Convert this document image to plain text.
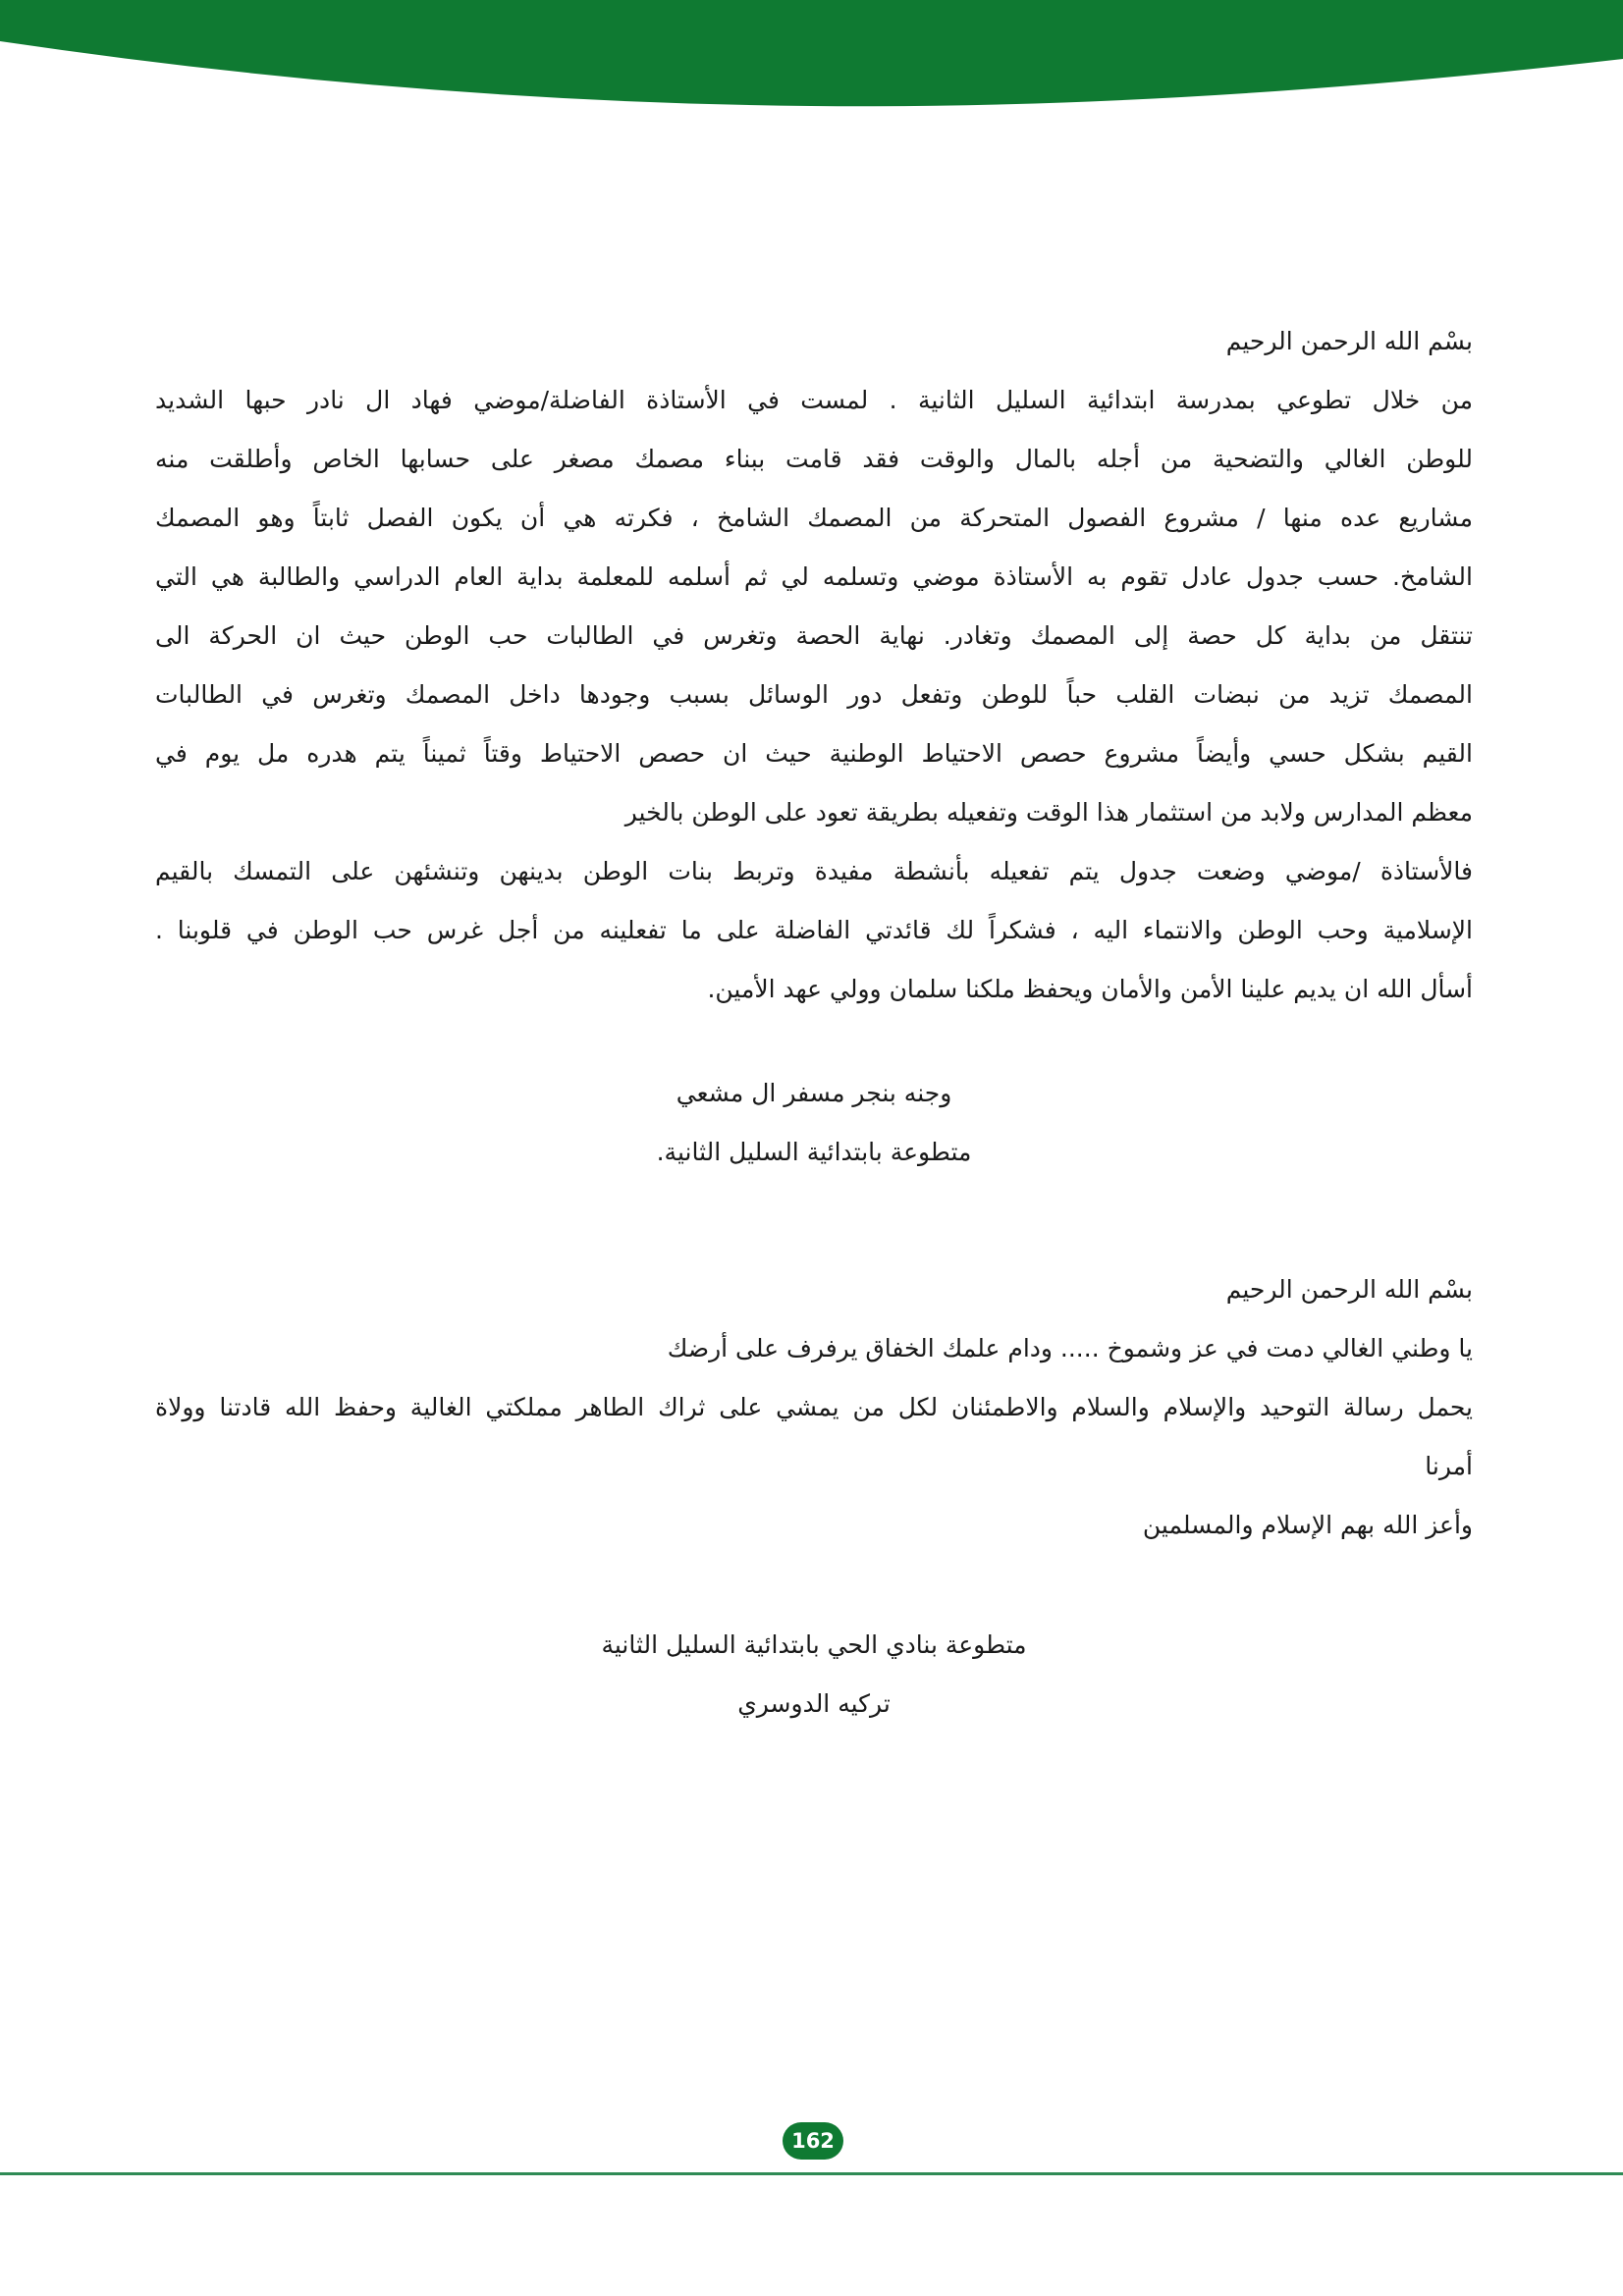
بسْم الله الرحمن الرحيم
من خلال تطوعي بمدرسة ابتدائية السليل الثانية . لمست في الأستاذة الفاضلة/موضي فهاد ال نادر حبها الشديد
للوطن الغالي والتضحية من أجله بالمال والوقت فقد قامت ببناء مصمك مصغر على حسابها الخاص وأطلقت منه
مشاريع عده منها / مشروع الفصول المتحركة من المصمك الشامخ ، فكرته هي أن يكون الفصل ثابتاً وهو المصمك
الشامخ. حسب جدول عادل تقوم به الأستاذة موضي وتسلمه لي ثم أسلمه للمعلمة بداية العام الدراسي والطالبة هي التي
تنتقل من بداية كل حصة إلى المصمك وتغادر. نهاية الحصة وتغرس في الطالبات حب الوطن حيث ان الحركة الى
المصمك تزيد من نبضات القلب حباً للوطن وتفعل دور الوسائل بسبب وجودها داخل المصمك وتغرس في الطالبات
القيم بشكل حسي وأيضاً مشروع حصص الاحتياط الوطنية حيث ان حصص الاحتياط وقتاً ثميناً يتم هدره مل يوم في
معظم المدارس ولابد من استثمار هذا الوقت وتفعيله بطريقة تعود على الوطن بالخير
فالأستاذة /موضي وضعت جدول يتم تفعيله بأنشطة مفيدة وتربط بنات الوطن بدينهن وتنشئهن على التمسك بالقيم
الإسلامية وحب الوطن والانتماء اليه ، فشكراً لك قائدتي الفاضلة على ما تفعلينه من أجل غرس حب الوطن في قلوبنا .
أسأل الله ان يديم علينا الأمن والأمان ويحفظ ملكنا سلمان وولي عهد الأمين.
وجنه بنجر مسفر ال مشعي
متطوعة بابتدائية السليل الثانية.
بسْم الله الرحمن الرحيم
يا وطني الغالي دمت في عز وشموخ ..... ودام علمك الخفاق يرفرف على أرضك
يحمل رسالة التوحيد والإسلام والسلام والاطمئنان لكل من يمشي على ثراك الطاهر مملكتي الغالية وحفظ الله قادتنا وولاة
أمرنا
وأعز الله بهم الإسلام والمسلمين
متطوعة بنادي الحي بابتدائية السليل الثانية
تركيه الدوسري
162
